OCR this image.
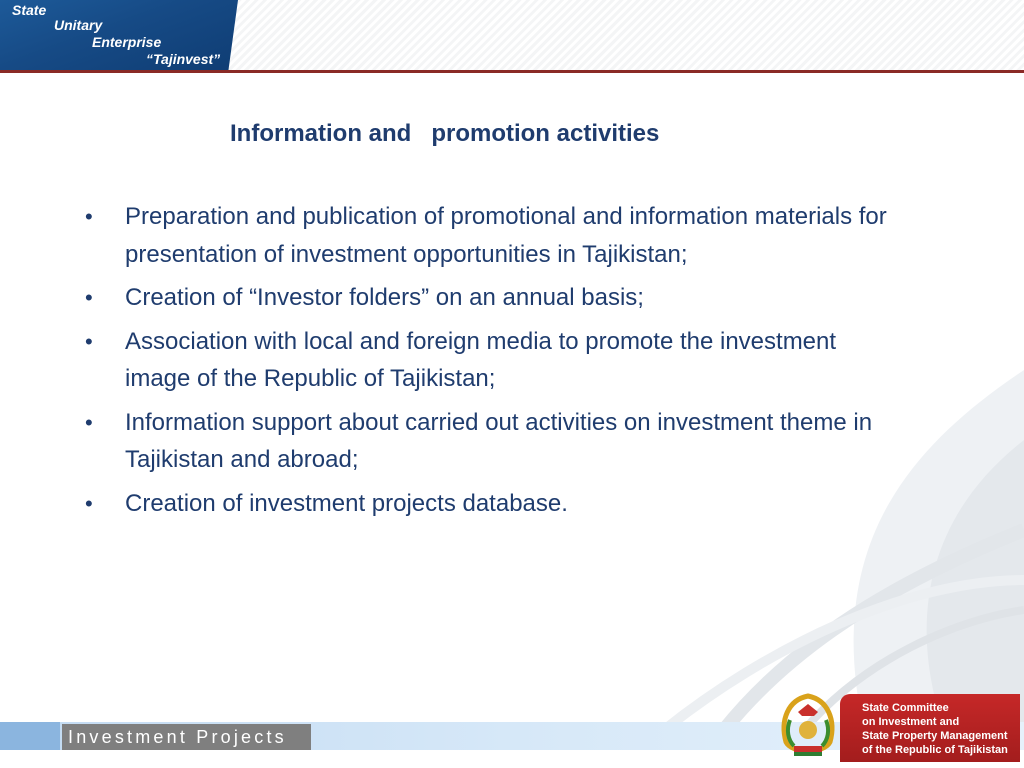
State
Unitary
Enterprise
“Tajinvest”
Information and   promotion activities
• Preparation and publication of promotional and information materials for presentation of investment opportunities in Tajikistan;
• Creation of “Investor folders” on an annual basis;
• Association with local and foreign media to promote the investment image of the Republic of Tajikistan;
• Information support about carried out activities on investment theme in Tajikistan and abroad;
• Creation of investment projects database.
Investment Projects
State Committee
on Investment and
State Property Management
of the Republic of Tajikistan
